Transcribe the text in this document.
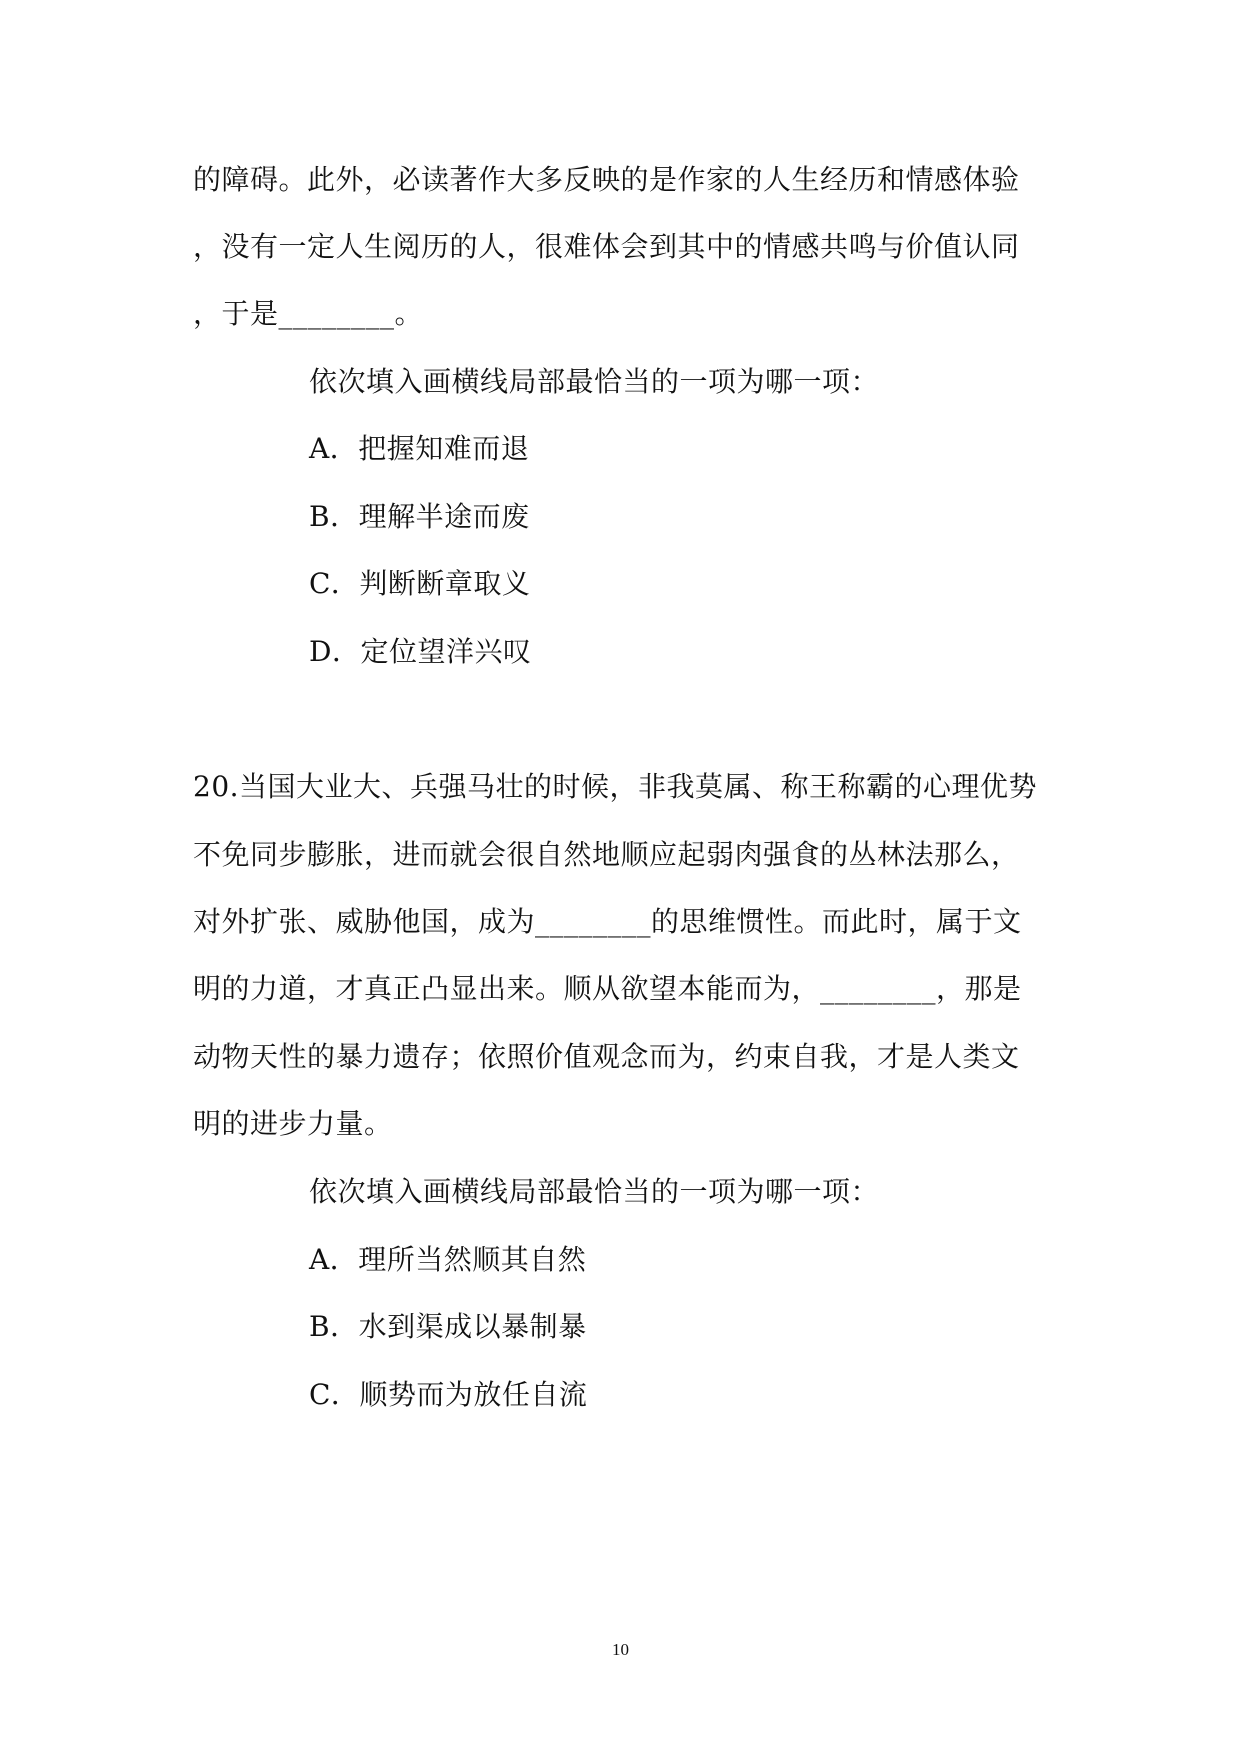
的障碍。此外，必读著作大多反映的是作家的人生经历和情感体验
，没有一定人生阅历的人，很难体会到其中的情感共鸣与价值认同
，于是________。
依次填入画横线局部最恰当的一项为哪一项：
A．把握知难而退
B．理解半途而废
C．判断断章取义
D．定位望洋兴叹
20.当国大业大、兵强马壮的时候，非我莫属、称王称霸的心理优势
不免同步膨胀，进而就会很自然地顺应起弱肉强食的丛林法那么，
对外扩张、威胁他国，成为________的思维惯性。而此时，属于文
明的力道，才真正凸显出来。顺从欲望本能而为，________，那是
动物天性的暴力遗存；依照价值观念而为，约束自我，才是人类文
明的进步力量。
依次填入画横线局部最恰当的一项为哪一项：
A．理所当然顺其自然
B．水到渠成以暴制暴
C．顺势而为放任自流
10
